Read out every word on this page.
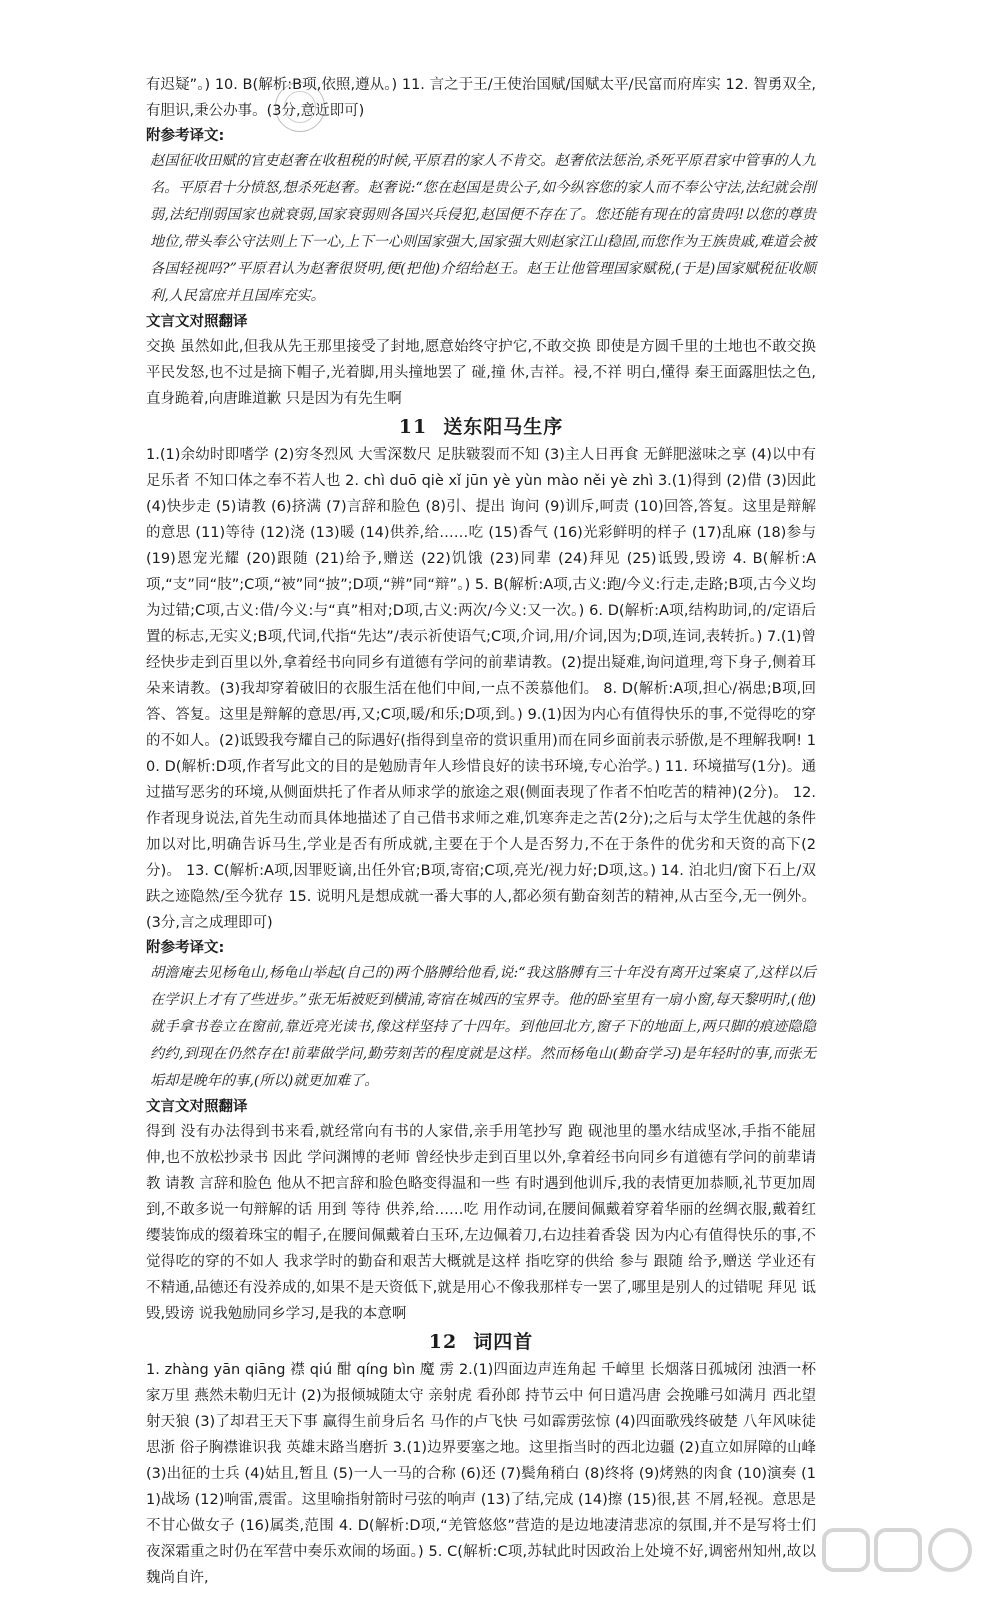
有迟疑”。) 10. B(解析:B项,依照,遵从。) 11. 言之于王/王使治国赋/国赋太平/民富而府库实 12. 智勇双全,有胆识,秉公办事。(3分,意近即可)

附参考译文:

赵国征收田赋的官吏赵奢在收租税的时候,平原君的家人不肯交。赵奢依法惩治,杀死平原君家中管事的人九名。平原君十分愤怒,想杀死赵奢。赵奢说:“您在赵国是贵公子,如今纵容您的家人而不奉公守法,法纪就会削弱,法纪削弱国家也就衰弱,国家衰弱则各国兴兵侵犯,赵国便不存在了。您还能有现在的富贵吗!以您的尊贵地位,带头奉公守法则上下一心,上下一心则国家强大,国家强大则赵家江山稳固,而您作为王族贵戚,难道会被各国轻视吗?”平原君认为赵奢很贤明,便(把他)介绍给赵王。赵王让他管理国家赋税,(于是)国家赋税征收顺利,人民富庶并且国库充实。

文言文对照翻译

交换 虽然如此,但我从先王那里接受了封地,愿意始终守护它,不敢交换 即使是方圆千里的土地也不敢交换 平民发怒,也不过是摘下帽子,光着脚,用头撞地罢了 碰,撞 休,吉祥。祲,不祥 明白,懂得 秦王面露胆怯之色,直身跪着,向唐雎道歉 只是因为有先生啊

11 送东阳马生序

1.(1)余幼时即嗜学 (2)穷冬烈风 大雪深数尺 足肤皲裂而不知 (3)主人日再食 无鲜肥滋味之享 (4)以中有足乐者 不知口体之奉不若人也 2. chì duō qiè xǐ jūn yè yùn mào něi yè zhì 3.(1)得到 (2)借 (3)因此 (4)快步走 (5)请教 (6)挤满 (7)言辞和脸色 (8)引、提出 询问 (9)训斥,呵责 (10)回答,答复。这里是辩解的意思 (11)等待 (12)浇 (13)暖 (14)供养,给……吃 (15)香气 (16)光彩鲜明的样子 (17)乱麻 (18)参与 (19)恩宠光耀 (20)跟随 (21)给予,赠送 (22)饥饿 (23)同辈 (24)拜见 (25)诋毁,毁谤 4. B(解析:A项,“支”同“肢”;C项,“被”同“披”;D项,“辨”同“辩”。) 5. B(解析:A项,古义:跑/今义:行走,走路;B项,古今义均为过错;C项,古义:借/今义:与“真”相对;D项,古义:两次/今义:又一次。) 6. D(解析:A项,结构助词,的/定语后置的标志,无实义;B项,代词,代指“先达”/表示祈使语气;C项,介词,用/介词,因为;D项,连词,表转折。) 7.(1)曾经快步走到百里以外,拿着经书向同乡有道德有学问的前辈请教。(2)提出疑难,询问道理,弯下身子,侧着耳朵来请教。(3)我却穿着破旧的衣服生活在他们中间,一点不羡慕他们。 8. D(解析:A项,担心/祸患;B项,回答、答复。这里是辩解的意思/再,又;C项,暖/和乐;D项,到。) 9.(1)因为内心有值得快乐的事,不觉得吃的穿的不如人。(2)诋毁我夸耀自己的际遇好(指得到皇帝的赏识重用)而在同乡面前表示骄傲,是不理解我啊! 10. D(解析:D项,作者写此文的目的是勉励青年人珍惜良好的读书环境,专心治学。) 11. 环境描写(1分)。通过描写恶劣的环境,从侧面烘托了作者从师求学的旅途之艰(侧面表现了作者不怕吃苦的精神)(2分)。 12. 作者现身说法,首先生动而具体地描述了自己借书求师之难,饥寒奔走之苦(2分);之后与太学生优越的条件加以对比,明确告诉马生,学业是否有所成就,主要在于个人是否努力,不在于条件的优劣和天资的高下(2分)。 13. C(解析:A项,因罪贬谪,出任外官;B项,寄宿;C项,亮光/视力好;D项,这。) 14. 泊北归/窗下石上/双趺之迹隐然/至今犹存 15. 说明凡是想成就一番大事的人,都必须有勤奋刻苦的精神,从古至今,无一例外。(3分,言之成理即可)

附参考译文:

胡澹庵去见杨龟山,杨龟山举起(自己的)两个胳膊给他看,说:“我这胳膊有三十年没有离开过案桌了,这样以后在学识上才有了些进步。”张无垢被贬到横浦,寄宿在城西的宝界寺。他的卧室里有一扇小窗,每天黎明时,(他)就手拿书卷立在窗前,靠近亮光读书,像这样坚持了十四年。到他回北方,窗子下的地面上,两只脚的痕迹隐隐约约,到现在仍然存在!前辈做学问,勤劳刻苦的程度就是这样。然而杨龟山(勤奋学习)是年轻时的事,而张无垢却是晚年的事,(所以)就更加难了。

文言文对照翻译

得到 没有办法得到书来看,就经常向有书的人家借,亲手用笔抄写 跑 砚池里的墨水结成坚冰,手指不能屈伸,也不放松抄录书 因此 学问渊博的老师 曾经快步走到百里以外,拿着经书向同乡有道德有学问的前辈请教 请教 言辞和脸色 他从不把言辞和脸色略变得温和一些 有时遇到他训斥,我的表情更加恭顺,礼节更加周到,不敢多说一句辩解的话 用到 等待 供养,给……吃 用作动词,在腰间佩戴着穿着华丽的丝绸衣服,戴着红缨装饰成的缀着珠宝的帽子,在腰间佩戴着白玉环,左边佩着刀,右边挂着香袋 因为内心有值得快乐的事,不觉得吃的穿的不如人 我求学时的勤奋和艰苦大概就是这样 指吃穿的供给 参与 跟随 给予,赠送 学业还有不精通,品德还有没养成的,如果不是天资低下,就是用心不像我那样专一罢了,哪里是别人的过错呢 拜见 诋毁,毁谤 说我勉励同乡学习,是我的本意啊

12 词四首

1. zhàng yān qiāng 襟 qiú 酣 qíng bìn 魔 雳 2.(1)四面边声连角起 千嶂里 长烟落日孤城闭 浊酒一杯家万里 燕然未勒归无计 (2)为报倾城随太守 亲射虎 看孙郎 持节云中 何日遣冯唐 会挽雕弓如满月 西北望 射天狼 (3)了却君王天下事 赢得生前身后名 马作的卢飞快 弓如霹雳弦惊 (4)四面歌残终破楚 八年风味徒思浙 俗子胸襟谁识我 英雄末路当磨折 3.(1)边界要塞之地。这里指当时的西北边疆 (2)直立如屏障的山峰 (3)出征的士兵 (4)姑且,暂且 (5)一人一马的合称 (6)还 (7)鬓角稍白 (8)终将 (9)烤熟的肉食 (10)演奏 (11)战场 (12)响雷,震雷。这里喻指射箭时弓弦的响声 (13)了结,完成 (14)擦 (15)很,甚 不屑,轻视。意思是不甘心做女子 (16)属类,范围 4. D(解析:D项,“羌管悠悠”营造的是边地凄清悲凉的氛围,并不是写将士们夜深霜重之时仍在军营中奏乐欢闹的场面。) 5. C(解析:C项,苏轼此时因政治上处境不好,调密州知州,故以魏尚自许,
